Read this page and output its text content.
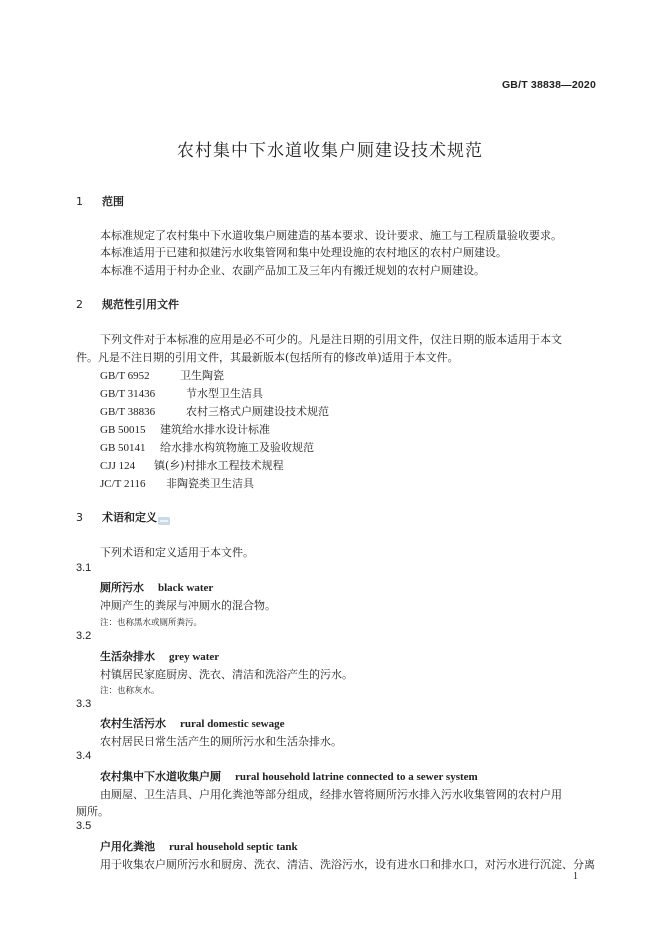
GB/T 38838—2020
农村集中下水道收集户厕建设技术规范
1 范围
本标准规定了农村集中下水道收集户厕建造的基本要求、设计要求、施工与工程质量验收要求。
本标准适用于已建和拟建污水收集管网和集中处理设施的农村地区的农村户厕建设。
本标准不适用于村办企业、农副产品加工及三年内有搬迁规划的农村户厕建设。
2 规范性引用文件
下列文件对于本标准的应用是必不可少的。凡是注日期的引用文件，仅注日期的版本适用于本文
件。凡是不注日期的引用文件，其最新版本(包括所有的修改单)适用于本文件。
GB/T 6952	卫生陶瓷
GB/T 31436	节水型卫生洁具
GB/T 38836	农村三格式户厕建设技术规范
GB 50015 建筑给水排水设计标准
GB 50141 给水排水构筑物施工及验收规范
CJJ 124 镇(乡)村排水工程技术规程
JC/T 2116 非陶瓷类卫生洁具
3 术语和定义
下列术语和定义适用于本文件。
3.1
厕所污水 black water
冲厕产生的粪尿与冲厕水的混合物。
注：也称黑水或厕所粪污。
3.2
生活杂排水 grey water
村镇居民家庭厨房、洗衣、清洁和洗浴产生的污水。
注：也称灰水。
3.3
农村生活污水 rural domestic sewage
农村居民日常生活产生的厕所污水和生活杂排水。
3.4
农村集中下水道收集户厕 rural household latrine connected to a sewer system
由厕屋、卫生洁具、户用化粪池等部分组成，经排水管将厕所污水排入污水收集管网的农村户用
厕所。
3.5
户用化粪池 rural household septic tank
用于收集农户厕所污水和厨房、洗衣、清洁、洗浴污水，设有进水口和排水口，对污水进行沉淀、分离
1
